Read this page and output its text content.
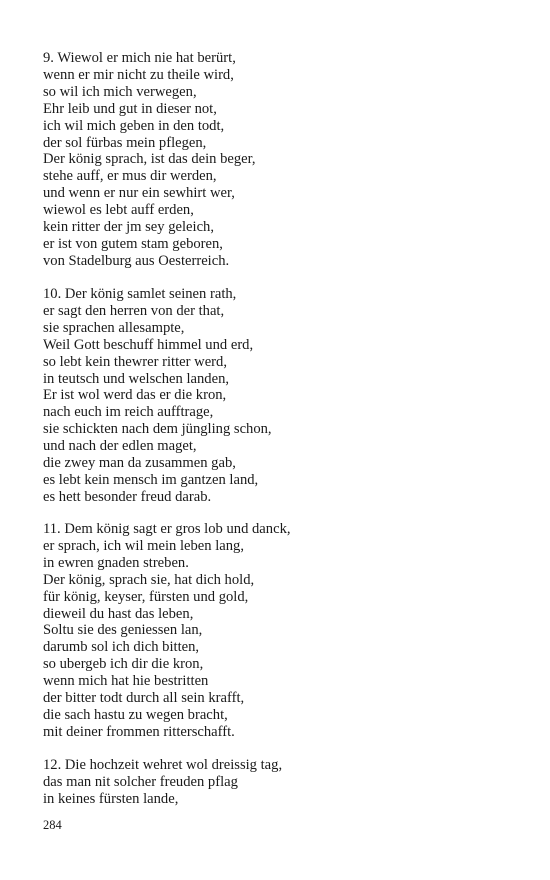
9. Wiewol er mich nie hat berürt,
wenn er mir nicht zu theile wird,
so wil ich mich verwegen,
Ehr leib und gut in dieser not,
ich wil mich geben in den todt,
der sol fürbas mein pflegen,
Der könig sprach, ist das dein beger,
stehe auff, er mus dir werden,
und wenn er nur ein sewhirt wer,
wiewol es lebt auff erden,
kein ritter der jm sey geleich,
er ist von gutem stam geboren,
von Stadelburg aus Oesterreich.
10. Der könig samlet seinen rath,
er sagt den herren von der that,
sie sprachen allesampte,
Weil Gott beschuff himmel und erd,
so lebt kein thewrer ritter werd,
in teutsch und welschen landen,
Er ist wol werd das er die kron,
nach euch im reich aufftrage,
sie schickten nach dem jüngling schon,
und nach der edlen maget,
die zwey man da zusammen gab,
es lebt kein mensch im gantzen land,
es hett besonder freud darab.
11. Dem könig sagt er gros lob und danck,
er sprach, ich wil mein leben lang,
in ewren gnaden streben.
Der könig, sprach sie, hat dich hold,
für könig, keyser, fürsten und gold,
dieweil du hast das leben,
Soltu sie des geniessen lan,
darumb sol ich dich bitten,
so ubergeb ich dir die kron,
wenn mich hat hie bestritten
der bitter todt durch all sein krafft,
die sach hastu zu wegen bracht,
mit deiner frommen ritterschafft.
12. Die hochzeit wehret wol dreissig tag,
das man nit solcher freuden pflag
in keines fürsten lande,
284
